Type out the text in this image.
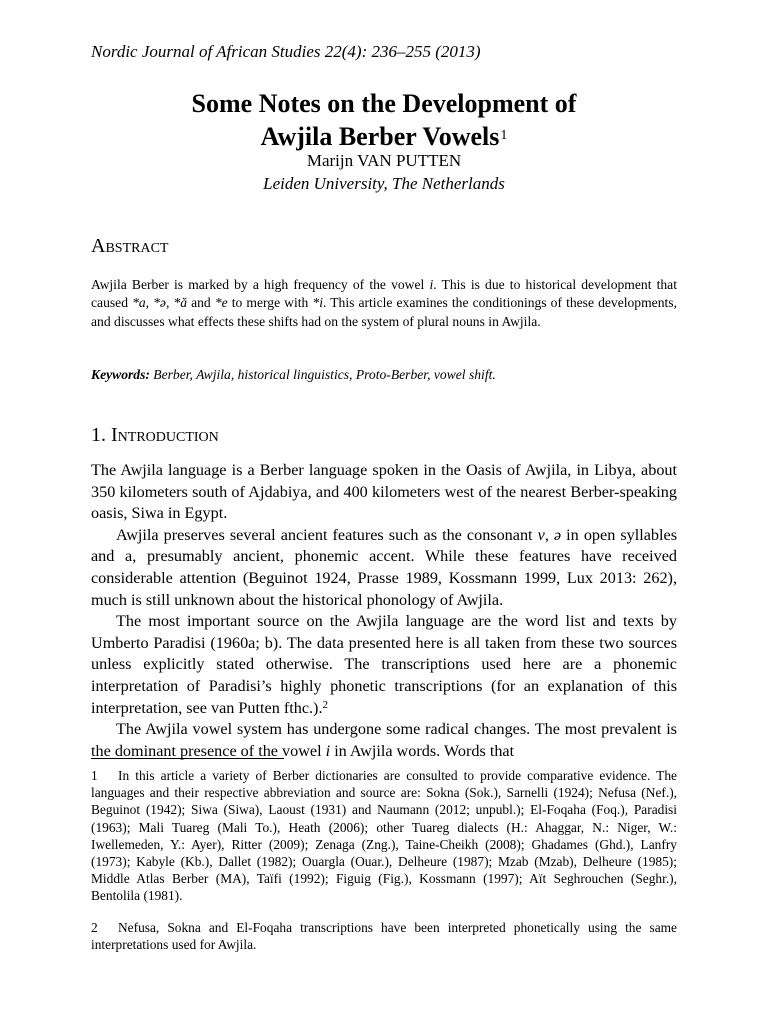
Nordic Journal of African Studies 22(4): 236–255 (2013)
Some Notes on the Development of
Awjila Berber Vowels$^1$
Marijn VAN PUTTEN
Leiden University, The Netherlands
Abstract
Awjila Berber is marked by a high frequency of the vowel i. This is due to historical development that caused *a, *ə, *ă and *e to merge with *i. This article examines the conditionings of these developments, and discusses what effects these shifts had on the system of plural nouns in Awjila.
Keywords: Berber, Awjila, historical linguistics, Proto-Berber, vowel shift.
1. Introduction

The Awjila language is a Berber language spoken in the Oasis of Awjila, in Libya, about 350 kilometers south of Ajdabiya, and 400 kilometers west of the nearest Berber-speaking oasis, Siwa in Egypt.

Awjila preserves several ancient features such as the consonant v, ə in open syllables and a, presumably ancient, phonemic accent. While these features have received considerable attention (Beguinot 1924, Prasse 1989, Kossmann 1999, Lux 2013: 262), much is still unknown about the historical phonology of Awjila.

The most important source on the Awjila language are the word list and texts by Umberto Paradisi (1960a; b). The data presented here is all taken from these two sources unless explicitly stated otherwise. The transcriptions used here are a phonemic interpretation of Paradisi’s highly phonetic transcriptions (for an explanation of this interpretation, see van Putten fthc.).$^2$

The Awjila vowel system has undergone some radical changes. The most prevalent is the dominant presence of the vowel i in Awjila words. Words that

1 In this article a variety of Berber dictionaries are consulted to provide comparative evidence. The languages and their respective abbreviation and source are: Sokna (Sok.), Sarnelli (1924); Nefusa (Nef.), Beguinot (1942); Siwa (Siwa), Laoust (1931) and Naumann (2012; unpubl.); El-Foqaha (Foq.), Paradisi (1963); Mali Tuareg (Mali To.), Heath (2006); other Tuareg dialects (H.: Ahaggar, N.: Niger, W.: Iwellemeden, Y.: Ayer), Ritter (2009); Zenaga (Zng.), Taine-Cheikh (2008); Ghadames (Ghd.), Lanfry (1973); Kabyle (Kb.), Dallet (1982); Ouargla (Ouar.), Delheure (1987); Mzab (Mzab), Delheure (1985); Middle Atlas Berber (MA), Taïfi (1992); Figuig (Fig.), Kossmann (1997); Aït Seghrouchen (Seghr.), Bentolila (1981).
2 Nefusa, Sokna and El-Foqaha transcriptions have been interpreted phonetically using the same interpretations used for Awjila.
